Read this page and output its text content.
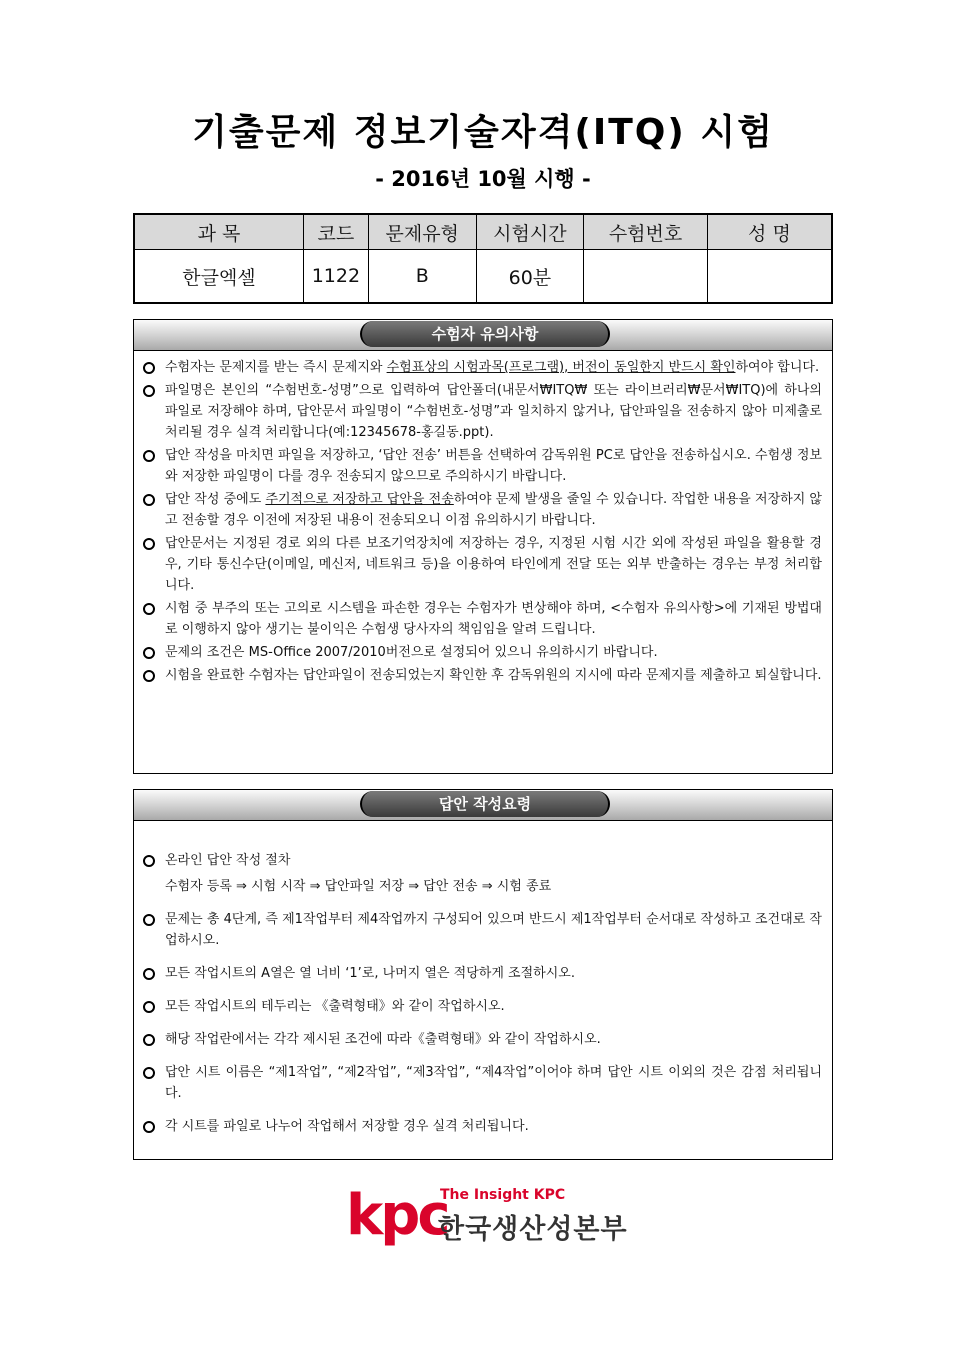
기출문제 정보기술자격(ITQ) 시험
- 2016년 10월 시행 -
과 목	코드	문제유형	시험시간	수험번호	성 명
한글엑셀	1122	B	60분		
수험자 유의사항
수험자는 문제지를 받는 즉시 문제지와 수험표상의 시험과목(프로그램), 버전이 동일한지 반드시 확인하여야 합니다.
파일명은 본인의 “수험번호-성명”으로 입력하여 답안폴더(내문서₩ITQ₩ 또는 라이브러리₩문서₩ITQ)에 하나의 파일로 저장해야 하며, 답안문서 파일명이 “수험번호-성명”과 일치하지 않거나, 답안파일을 전송하지 않아 미제출로 처리될 경우 실격 처리합니다(예:12345678-홍길동.ppt).
답안 작성을 마치면 파일을 저장하고, ‘답안 전송’ 버튼을 선택하여 감독위원 PC로 답안을 전송하십시오. 수험생 정보와 저장한 파일명이 다를 경우 전송되지 않으므로 주의하시기 바랍니다.
답안 작성 중에도 주기적으로 저장하고 답안을 전송하여야 문제 발생을 줄일 수 있습니다. 작업한 내용을 저장하지 않고 전송할 경우 이전에 저장된 내용이 전송되오니 이점 유의하시기 바랍니다.
답안문서는 지정된 경로 외의 다른 보조기억장치에 저장하는 경우, 지정된 시험 시간 외에 작성된 파일을 활용할 경우, 기타 통신수단(이메일, 메신저, 네트워크 등)을 이용하여 타인에게 전달 또는 외부 반출하는 경우는 부정 처리합니다.
시험 중 부주의 또는 고의로 시스템을 파손한 경우는 수험자가 변상해야 하며, <수험자 유의사항>에 기재된 방법대로 이행하지 않아 생기는 불이익은 수험생 당사자의 책임임을 알려 드립니다.
문제의 조건은 MS-Office 2007/2010버전으로 설정되어 있으니 유의하시기 바랍니다.
시험을 완료한 수험자는 답안파일이 전송되었는지 확인한 후 감독위원의 지시에 따라 문제지를 제출하고 퇴실합니다.
답안 작성요령
온라인 답안 작성 절차
수험자 등록 ⇒ 시험 시작 ⇒ 답안파일 저장 ⇒ 답안 전송 ⇒ 시험 종료
문제는 총 4단계, 즉 제1작업부터 제4작업까지 구성되어 있으며 반드시 제1작업부터 순서대로 작성하고 조건대로 작업하시오.
모든 작업시트의 A열은 열 너비 ‘1’로, 나머지 열은 적당하게 조절하시오.
모든 작업시트의 테두리는 《출력형태》와 같이 작업하시오.
해당 작업란에서는 각각 제시된 조건에 따라《출력형태》와 같이 작업하시오.
답안 시트 이름은 “제1작업”, “제2작업”, “제3작업”, “제4작업”이어야 하며 답안 시트 이외의 것은 감점 처리됩니다.
각 시트를 파일로 나누어 작업해서 저장할 경우 실격 처리됩니다.
kpc
The Insight KPC
한국생산성본부
